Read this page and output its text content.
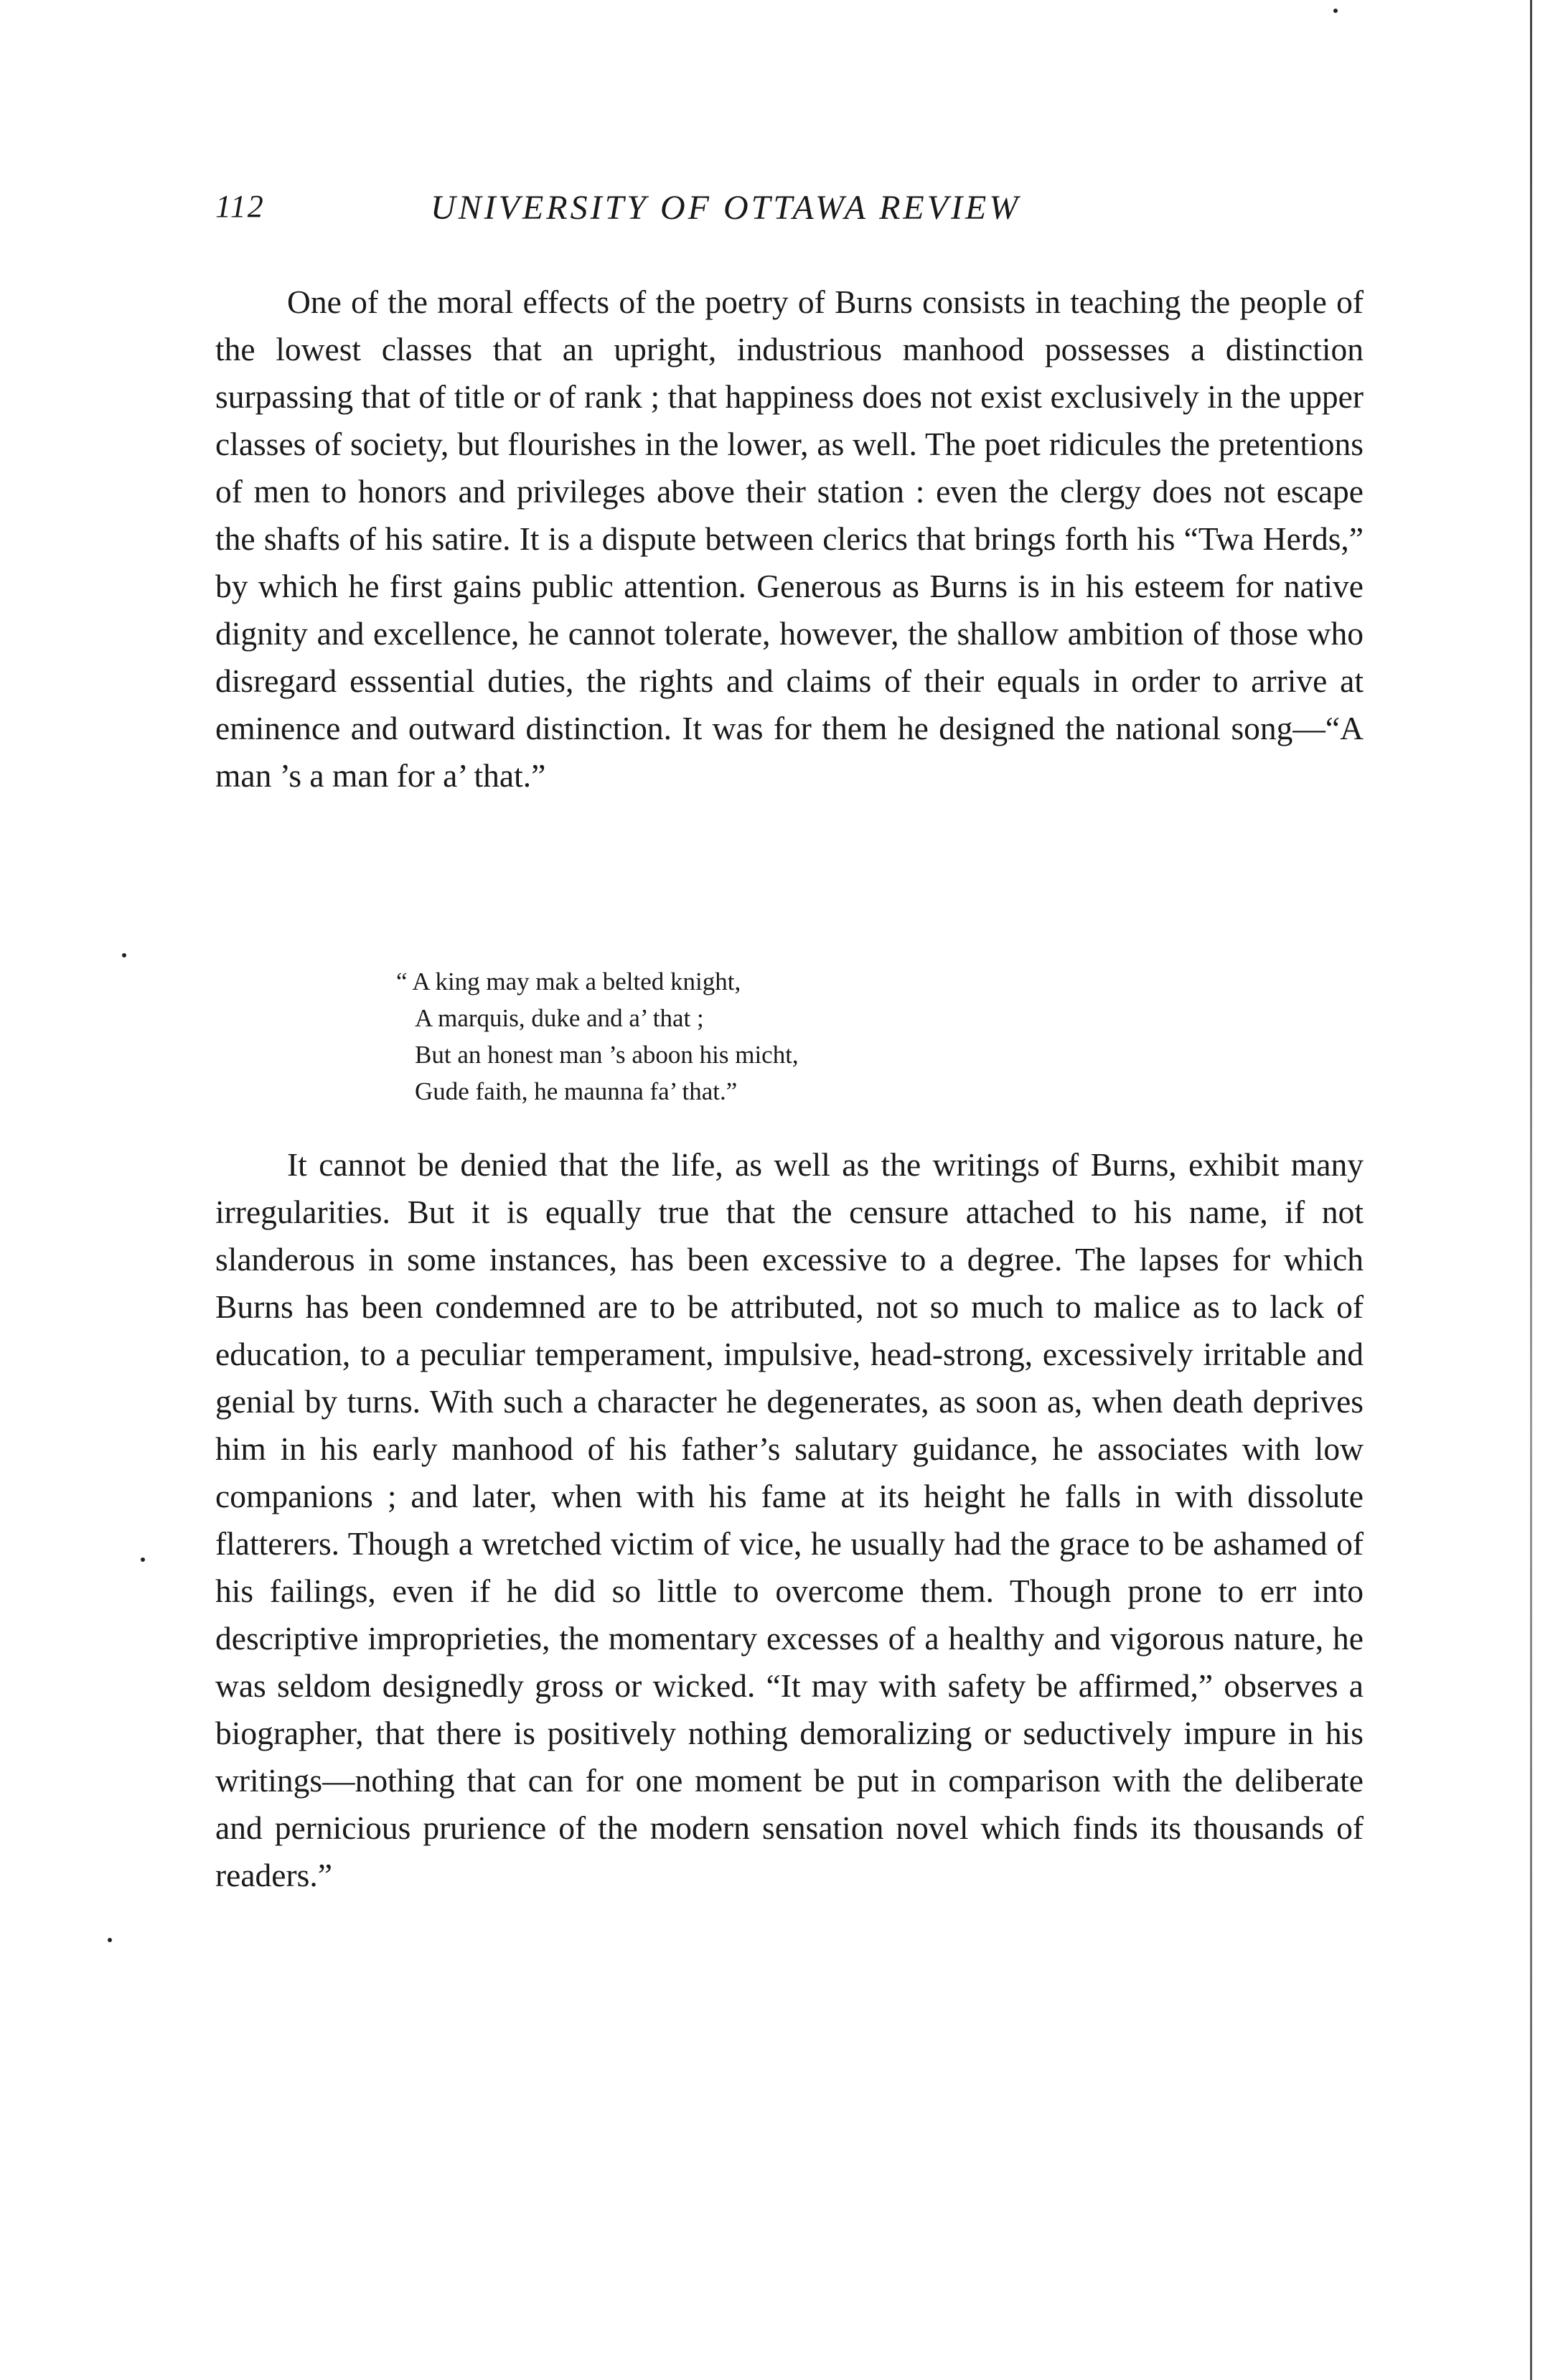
112	UNIVERSITY OF OTTAWA REVIEW

One of the moral effects of the poetry of Burns consists in teaching the people of the lowest classes that an upright, industrious manhood possesses a distinction surpassing that of title or of rank ; that happiness does not exist exclusively in the upper classes of society, but flourishes in the lower, as well. The poet ridicules the pretentions of men to honors and privileges above their station : even the clergy does not escape the shafts of his satire. It is a dispute between clerics that brings forth his “Twa Herds,” by which he first gains public attention. Generous as Burns is in his esteem for native dignity and excellence, he cannot tolerate, however, the shallow ambition of those who disregard esssential duties, the rights and claims of their equals in order to arrive at eminence and outward distinction. It was for them he designed the national song—“A man ’s a man for a’ that.”

“ A king may mak a belted knight,
A marquis, duke and a’ that ;
But an honest man ’s aboon his micht,
Gude faith, he maunna fa’ that.”

It cannot be denied that the life, as well as the writings of Burns, exhibit many irregularities. But it is equally true that the censure attached to his name, if not slanderous in some instances, has been excessive to a degree. The lapses for which Burns has been condemned are to be attributed, not so much to malice as to lack of education, to a peculiar temperament, impulsive, head-strong, excessively irritable and genial by turns. With such a character he degenerates, as soon as, when death deprives him in his early manhood of his father’s salutary guidance, he associates with low companions ; and later, when with his fame at its height he falls in with dissolute flatterers. Though a wretched victim of vice, he usually had the grace to be ashamed of his failings, even if he did so little to overcome them. Though prone to err into descriptive improprieties, the momentary excesses of a healthy and vigorous nature, he was seldom designedly gross or wicked. “It may with safety be affirmed,” observes a biographer, that there is positively nothing demoralizing or seductively impure in his writings—nothing that can for one moment be put in comparison with the deliberate and pernicious prurience of the modern sensation novel which finds its thousands of readers.”
